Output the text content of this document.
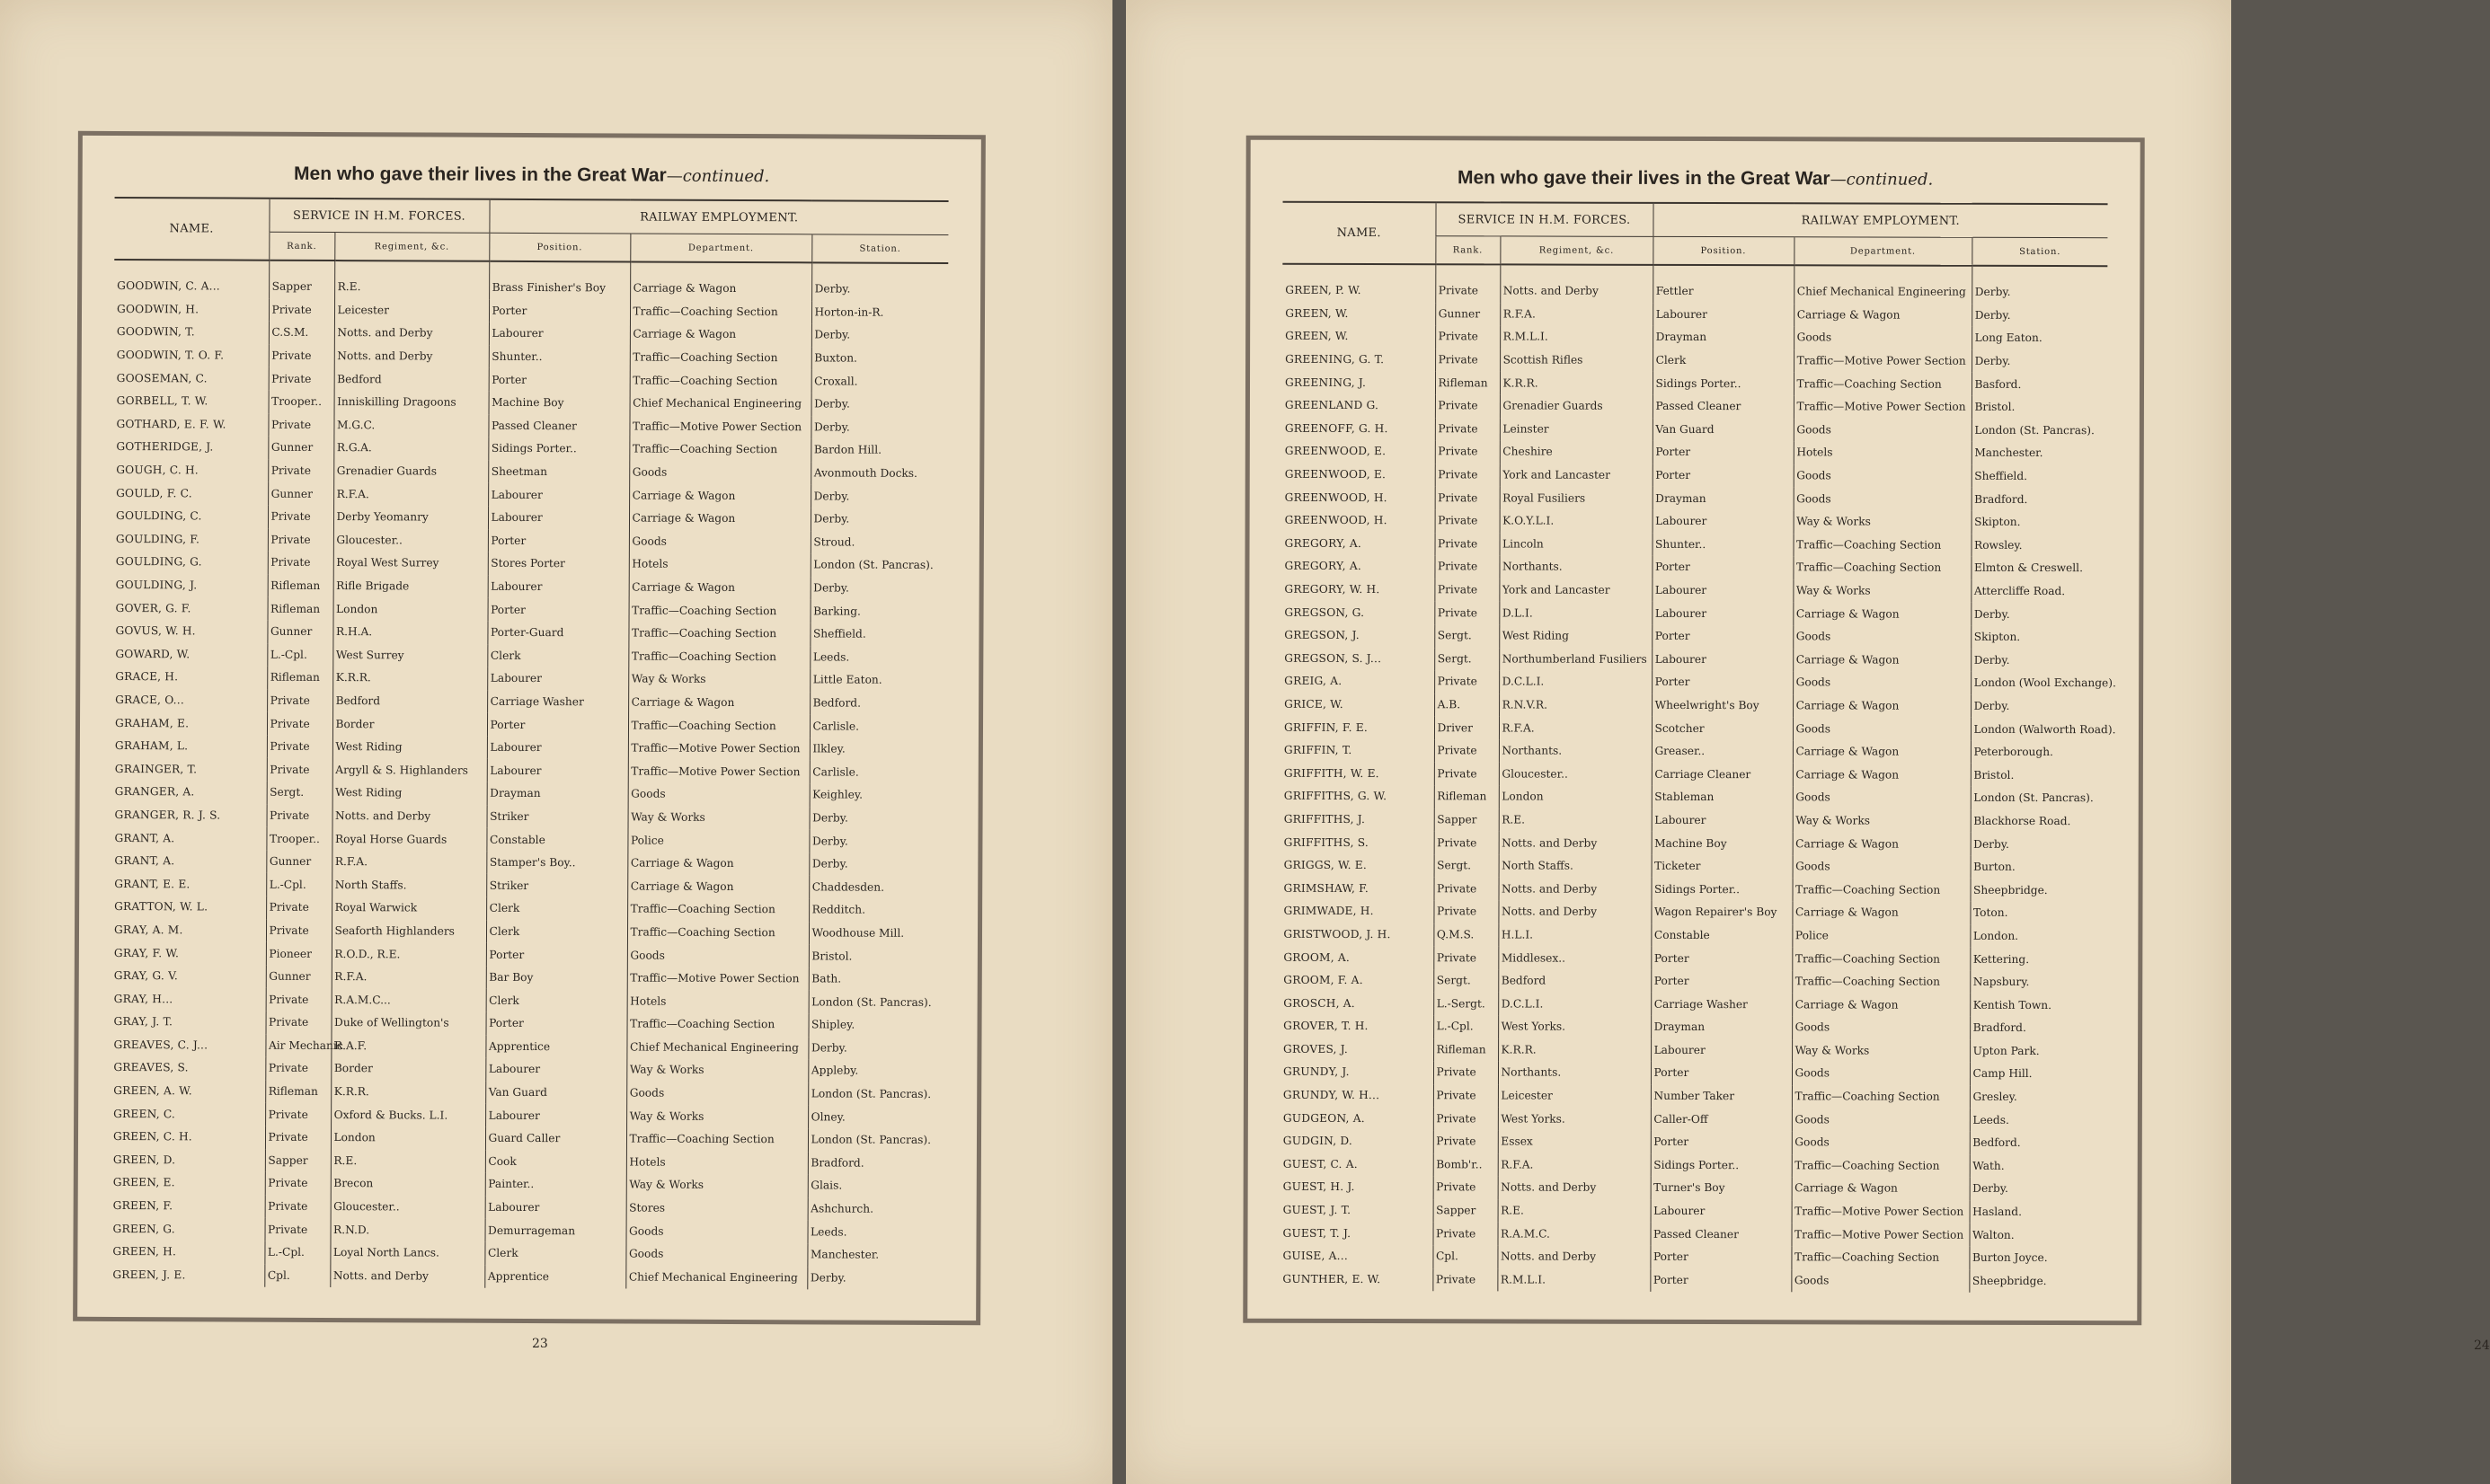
Men who gave their lives in the Great War—continued.
NAME.	SERVICE IN H.M. FORCES.		RAILWAY EMPLOYMENT.		
	Rank.	Regiment, &c.	Position.	Department.	Station.
GOODWIN, C. A...	Sapper	R.E.	Brass Finisher's Boy	Carriage & Wagon	Derby.
GOODWIN, H.	Private	Leicester	Porter	Traffic—Coaching Section	Horton-in-R.
GOODWIN, T.	C.S.M.	Notts. and Derby	Labourer	Carriage & Wagon	Derby.
GOODWIN, T. O. F.	Private	Notts. and Derby	Shunter..	Traffic—Coaching Section	Buxton.
GOOSEMAN, C.	Private	Bedford	Porter	Traffic—Coaching Section	Croxall.
GORBELL, T. W.	Trooper..	Inniskilling Dragoons	Machine Boy	Chief Mechanical Engineering	Derby.
GOTHARD, E. F. W.	Private	M.G.C.	Passed Cleaner	Traffic—Motive Power Section	Derby.
GOTHERIDGE, J.	Gunner	R.G.A.	Sidings Porter..	Traffic—Coaching Section	Bardon Hill.
GOUGH, C. H.	Private	Grenadier Guards	Sheetman	Goods	Avonmouth Docks.
GOULD, F. C.	Gunner	R.F.A.	Labourer	Carriage & Wagon	Derby.
GOULDING, C.	Private	Derby Yeomanry	Labourer	Carriage & Wagon	Derby.
GOULDING, F.	Private	Gloucester..	Porter	Goods	Stroud.
GOULDING, G.	Private	Royal West Surrey	Stores Porter	Hotels	London (St. Pancras).
GOULDING, J.	Rifleman	Rifle Brigade	Labourer	Carriage & Wagon	Derby.
GOVER, G. F.	Rifleman	London	Porter	Traffic—Coaching Section	Barking.
GOVUS, W. H.	Gunner	R.H.A.	Porter-Guard	Traffic—Coaching Section	Sheffield.
GOWARD, W.	L.-Cpl.	West Surrey	Clerk	Traffic—Coaching Section	Leeds.
GRACE, H.	Rifleman	K.R.R.	Labourer	Way & Works	Little Eaton.
GRACE, O...	Private	Bedford	Carriage Washer	Carriage & Wagon	Bedford.
GRAHAM, E.	Private	Border	Porter	Traffic—Coaching Section	Carlisle.
GRAHAM, L.	Private	West Riding	Labourer	Traffic—Motive Power Section	Ilkley.
GRAINGER, T.	Private	Argyll & S. Highlanders	Labourer	Traffic—Motive Power Section	Carlisle.
GRANGER, A.	Sergt.	West Riding	Drayman	Goods	Keighley.
GRANGER, R. J. S.	Private	Notts. and Derby	Striker	Way & Works	Derby.
GRANT, A.	Trooper..	Royal Horse Guards	Constable	Police	Derby.
GRANT, A.	Gunner	R.F.A.	Stamper's Boy..	Carriage & Wagon	Derby.
GRANT, E. E.	L.-Cpl.	North Staffs.	Striker	Carriage & Wagon	Chaddesden.
GRATTON, W. L.	Private	Royal Warwick	Clerk	Traffic—Coaching Section	Redditch.
GRAY, A. M.	Private	Seaforth Highlanders	Clerk	Traffic—Coaching Section	Woodhouse Mill.
GRAY, F. W.	Pioneer	R.O.D., R.E.	Porter	Goods	Bristol.
GRAY, G. V.	Gunner	R.F.A.	Bar Boy	Traffic—Motive Power Section	Bath.
GRAY, H...	Private	R.A.M.C...	Clerk	Hotels	London (St. Pancras).
GRAY, J. T.	Private	Duke of Wellington's	Porter	Traffic—Coaching Section	Shipley.
GREAVES, C. J...	Air Mechanic	R.A.F.	Apprentice	Chief Mechanical Engineering	Derby.
GREAVES, S.	Private	Border	Labourer	Way & Works	Appleby.
GREEN, A. W.	Rifleman	K.R.R.	Van Guard	Goods	London (St. Pancras).
GREEN, C.	Private	Oxford & Bucks. L.I.	Labourer	Way & Works	Olney.
GREEN, C. H.	Private	London	Guard Caller	Traffic—Coaching Section	London (St. Pancras).
GREEN, D.	Sapper	R.E.	Cook	Hotels	Bradford.
GREEN, E.	Private	Brecon	Painter..	Way & Works	Glais.
GREEN, F.	Private	Gloucester..	Labourer	Stores	Ashchurch.
GREEN, G.	Private	R.N.D.	Demurrageman	Goods	Leeds.
GREEN, H.	L.-Cpl.	Loyal North Lancs.	Clerk	Goods	Manchester.
GREEN, J. E.	Cpl.	Notts. and Derby	Apprentice	Chief Mechanical Engineering	Derby.
23
Men who gave their lives in the Great War—continued.
NAME.	SERVICE IN H.M. FORCES.		RAILWAY EMPLOYMENT.		
	Rank.	Regiment, &c.	Position.	Department.	Station.
GREEN, P. W.	Private	Notts. and Derby	Fettler	Chief Mechanical Engineering	Derby.
GREEN, W.	Gunner	R.F.A.	Labourer	Carriage & Wagon	Derby.
GREEN, W.	Private	R.M.L.I.	Drayman	Goods	Long Eaton.
GREENING, G. T.	Private	Scottish Rifles	Clerk	Traffic—Motive Power Section	Derby.
GREENING, J.	Rifleman	K.R.R.	Sidings Porter..	Traffic—Coaching Section	Basford.
GREENLAND G.	Private	Grenadier Guards	Passed Cleaner	Traffic—Motive Power Section	Bristol.
GREENOFF, G. H.	Private	Leinster	Van Guard	Goods	London (St. Pancras).
GREENWOOD, E.	Private	Cheshire	Porter	Hotels	Manchester.
GREENWOOD, E.	Private	York and Lancaster	Porter	Goods	Sheffield.
GREENWOOD, H.	Private	Royal Fusiliers	Drayman	Goods	Bradford.
GREENWOOD, H.	Private	K.O.Y.L.I.	Labourer	Way & Works	Skipton.
GREGORY, A.	Private	Lincoln	Shunter..	Traffic—Coaching Section	Rowsley.
GREGORY, A.	Private	Northants.	Porter	Traffic—Coaching Section	Elmton & Creswell.
GREGORY, W. H.	Private	York and Lancaster	Labourer	Way & Works	Attercliffe Road.
GREGSON, G.	Private	D.L.I.	Labourer	Carriage & Wagon	Derby.
GREGSON, J.	Sergt.	West Riding	Porter	Goods	Skipton.
GREGSON, S. J...	Sergt.	Northumberland Fusiliers	Labourer	Carriage & Wagon	Derby.
GREIG, A.	Private	D.C.L.I.	Porter	Goods	London (Wool Exchange).
GRICE, W.	A.B.	R.N.V.R.	Wheelwright's Boy	Carriage & Wagon	Derby.
GRIFFIN, F. E.	Driver	R.F.A.	Scotcher	Goods	London (Walworth Road).
GRIFFIN, T.	Private	Northants.	Greaser..	Carriage & Wagon	Peterborough.
GRIFFITH, W. E.	Private	Gloucester..	Carriage Cleaner	Carriage & Wagon	Bristol.
GRIFFITHS, G. W.	Rifleman	London	Stableman	Goods	London (St. Pancras).
GRIFFITHS, J.	Sapper	R.E.	Labourer	Way & Works	Blackhorse Road.
GRIFFITHS, S.	Private	Notts. and Derby	Machine Boy	Carriage & Wagon	Derby.
GRIGGS, W. E.	Sergt.	North Staffs.	Ticketer	Goods	Burton.
GRIMSHAW, F.	Private	Notts. and Derby	Sidings Porter..	Traffic—Coaching Section	Sheepbridge.
GRIMWADE, H.	Private	Notts. and Derby	Wagon Repairer's Boy	Carriage & Wagon	Toton.
GRISTWOOD, J. H.	Q.M.S.	H.L.I.	Constable	Police	London.
GROOM, A.	Private	Middlesex..	Porter	Traffic—Coaching Section	Kettering.
GROOM, F. A.	Sergt.	Bedford	Porter	Traffic—Coaching Section	Napsbury.
GROSCH, A.	L.-Sergt.	D.C.L.I.	Carriage Washer	Carriage & Wagon	Kentish Town.
GROVER, T. H.	L.-Cpl.	West Yorks.	Drayman	Goods	Bradford.
GROVES, J.	Rifleman	K.R.R.	Labourer	Way & Works	Upton Park.
GRUNDY, J.	Private	Northants.	Porter	Goods	Camp Hill.
GRUNDY, W. H...	Private	Leicester	Number Taker	Traffic—Coaching Section	Gresley.
GUDGEON, A.	Private	West Yorks.	Caller-Off	Goods	Leeds.
GUDGIN, D.	Private	Essex	Porter	Goods	Bedford.
GUEST, C. A.	Bomb'r..	R.F.A.	Sidings Porter..	Traffic—Coaching Section	Wath.
GUEST, H. J.	Private	Notts. and Derby	Turner's Boy	Carriage & Wagon	Derby.
GUEST, J. T.	Sapper	R.E.	Labourer	Traffic—Motive Power Section	Hasland.
GUEST, T. J.	Private	R.A.M.C.	Passed Cleaner	Traffic—Motive Power Section	Walton.
GUISE, A...	Cpl.	Notts. and Derby	Porter	Traffic—Coaching Section	Burton Joyce.
GUNTHER, E. W.	Private	R.M.L.I.	Porter	Goods	Sheepbridge.
24
